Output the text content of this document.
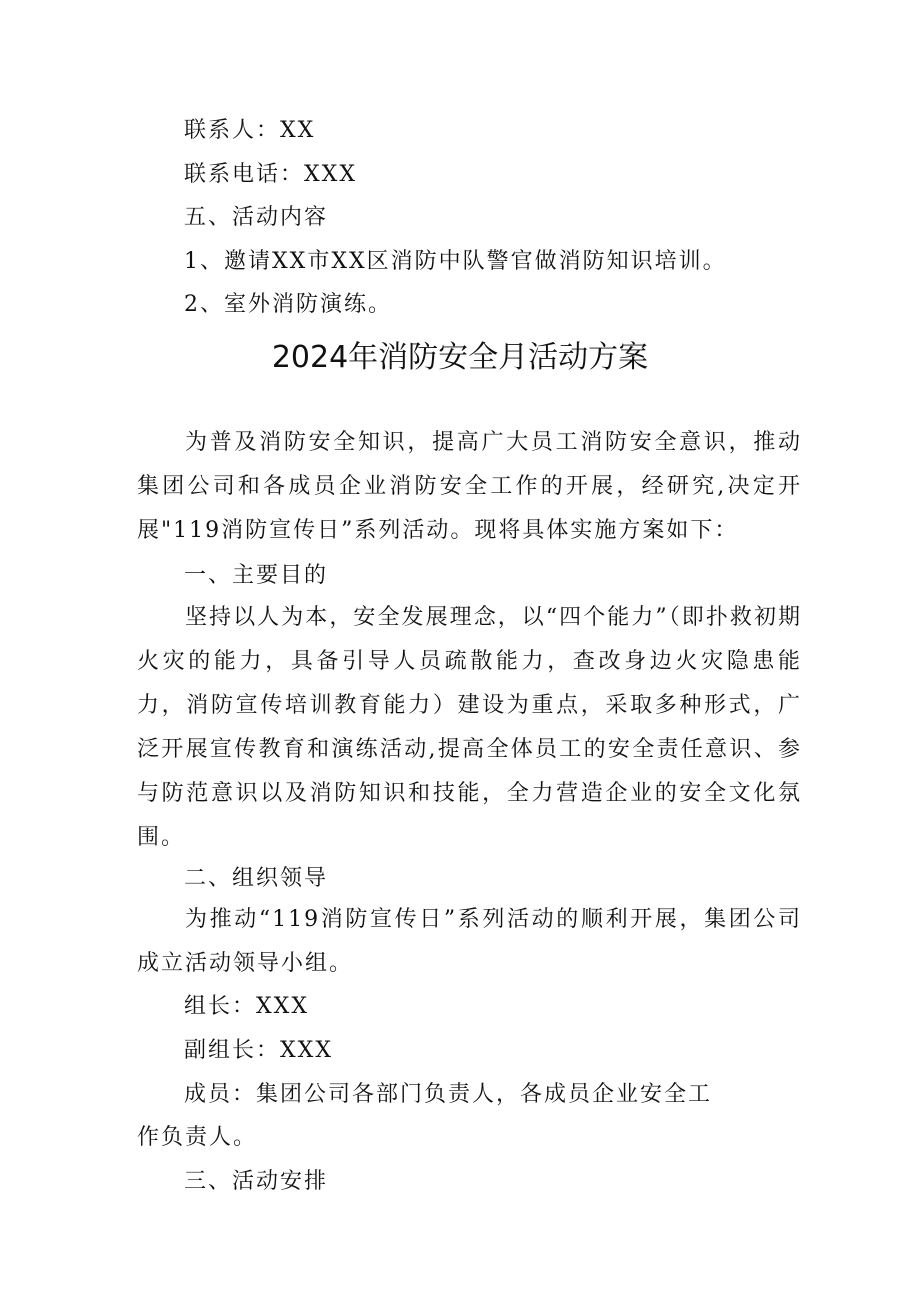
联系人：XX
联系电话：XXX
五、活动内容
1、邀请XX市XX区消防中队警官做消防知识培训。
2、室外消防演练。
2024年消防安全月活动方案
为普及消防安全知识，提高广大员工消防安全意识，推动集团公司和各成员企业消防安全工作的开展，经研究,决定开展"119消防宣传日”系列活动。现将具体实施方案如下：
一、主要目的
坚持以人为本，安全发展理念，以“四个能力”（即扑救初期火灾的能力，具备引导人员疏散能力，查改身边火灾隐患能力，消防宣传培训教育能力）建设为重点，采取多种形式，广泛开展宣传教育和演练活动,提高全体员工的安全责任意识、参与防范意识以及消防知识和技能，全力营造企业的安全文化氛围。
二、组织领导
为推动“119消防宣传日”系列活动的顺利开展，集团公司成立活动领导小组。
组长：XXX
副组长：XXX
成员：集团公司各部门负责人，各成员企业安全工
作负责人。
三、活动安排
